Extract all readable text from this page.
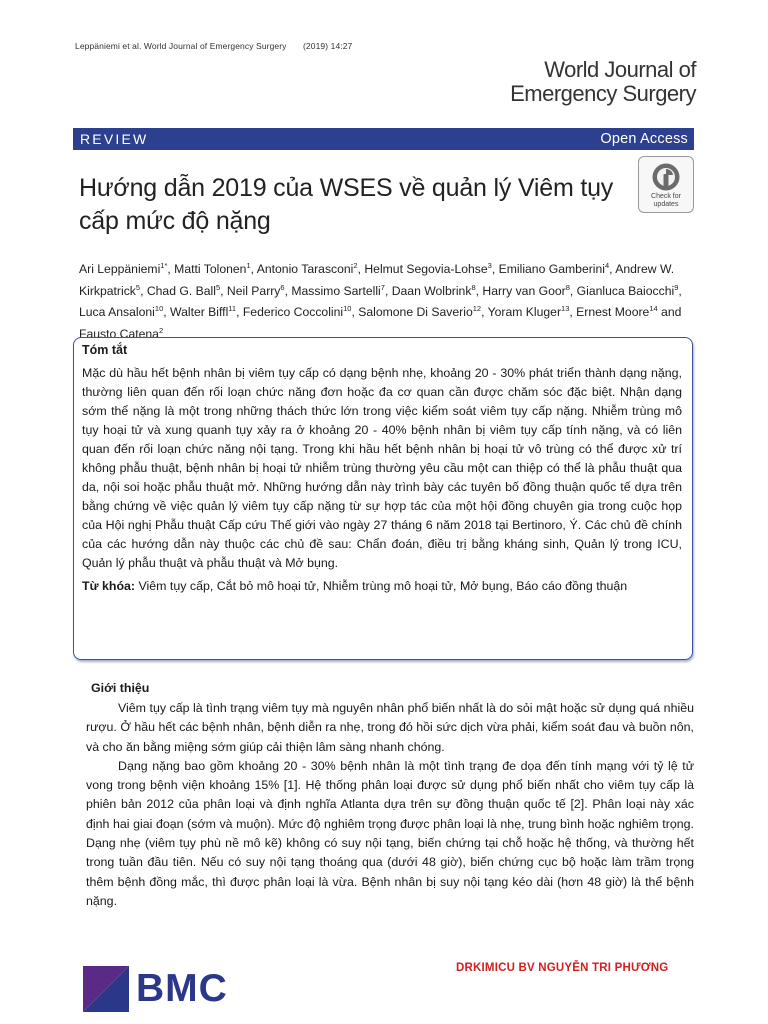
Leppäniemi et al. World Journal of Emergency Surgery (2019) 14:27
World Journal of
Emergency Surgery
REVIEW	Open Access
Hướng dẫn 2019 của WSES về quản lý Viêm tụy cấp mức độ nặng
Check for
updates
Ari Leppäniemi$^{1*}$, Matti Tolonen$^1$, Antonio Tarasconi$^2$, Helmut Segovia-Lohse$^3$, Emiliano Gamberini$^4$, Andrew W. Kirkpatrick$^5$, Chad G. Ball$^5$, Neil Parry$^6$, Massimo Sartelli$^7$, Daan Wolbrink$^8$, Harry van Goor$^8$, Gianluca Baiocchi$^9$, Luca Ansaloni$^{10}$, Walter Biffl$^{11}$, Federico Coccolini$^{10}$, Salomone Di Saverio$^{12}$, Yoram Kluger$^{13}$, Ernest Moore$^{14}$ and Fausto Catena$^2$
Tóm tắt

Mặc dù hầu hết bệnh nhân bị viêm tụy cấp có dạng bệnh nhẹ, khoảng 20 - 30% phát triển thành dạng nặng, thường liên quan đến rối loạn chức năng đơn hoặc đa cơ quan cần được chăm sóc đặc biệt. Nhận dạng sớm thể nặng là một trong những thách thức lớn trong việc kiểm soát viêm tụy cấp nặng. Nhiễm trùng mô tụy hoại tử và xung quanh tụy xảy ra ở khoảng 20 - 40% bệnh nhân bị viêm tụy cấp tính nặng, và có liên quan đến rối loạn chức năng nội tạng. Trong khi hầu hết bệnh nhân bị hoại tử vô trùng có thể được xử trí không phẫu thuật, bệnh nhân bị hoại tử nhiễm trùng thường yêu cầu một can thiệp có thể là phẫu thuật qua da, nội soi hoặc phẫu thuật mở. Những hướng dẫn này trình bày các tuyên bố đồng thuận quốc tế dựa trên bằng chứng về việc quản lý viêm tụy cấp nặng từ sự hợp tác của một hội đồng chuyên gia trong cuộc họp của Hội nghị Phẫu thuật Cấp cứu Thế giới vào ngày 27 tháng 6 năm 2018 tại Bertinoro, Ý. Các chủ đề chính của các hướng dẫn này thuộc các chủ đề sau: Chẩn đoán, điều trị bằng kháng sinh, Quản lý trong ICU, Quản lý phẫu thuật và phẫu thuật và Mở bụng.

Từ khóa: Viêm tụy cấp, Cắt bỏ mô hoại tử, Nhiễm trùng mô hoại tử, Mở bụng, Báo cáo đồng thuận
Giới thiệu

Viêm tụy cấp là tình trạng viêm tụy mà nguyên nhân phổ biến nhất là do sỏi mật hoặc sử dụng quá nhiều rượu. Ở hầu hết các bệnh nhân, bệnh diễn ra nhẹ, trong đó hồi sức dịch vừa phải, kiểm soát đau và buồn nôn, và cho ăn bằng miệng sớm giúp cải thiện lâm sàng nhanh chóng.

Dạng nặng bao gồm khoảng 20 - 30% bệnh nhân là một tình trạng đe dọa đến tính mạng với tỷ lệ tử vong trong bệnh viện khoảng 15% [1]. Hệ thống phân loại được sử dụng phổ biến nhất cho viêm tụy cấp là phiên bản 2012 của phân loại và định nghĩa Atlanta dựa trên sự đồng thuận quốc tế [2]. Phân loại này xác định hai giai đoạn (sớm và muộn). Mức độ nghiêm trọng được phân loại là nhẹ, trung bình hoặc nghiêm trọng. Dạng nhẹ (viêm tụy phù nề mô kẽ) không có suy nội tạng, biến chứng tại chỗ hoặc hệ thống, và thường hết trong tuần đầu tiên. Nếu có suy nội tạng thoáng qua (dưới 48 giờ), biến chứng cục bộ hoặc làm trầm trọng thêm bệnh đồng mắc, thì được phân loại là vừa. Bệnh nhân bị suy nội tạng kéo dài (hơn 48 giờ) là thể bệnh nặng.

BMC	DRKIMICU BV NGUYỄN TRI PHƯƠNG
